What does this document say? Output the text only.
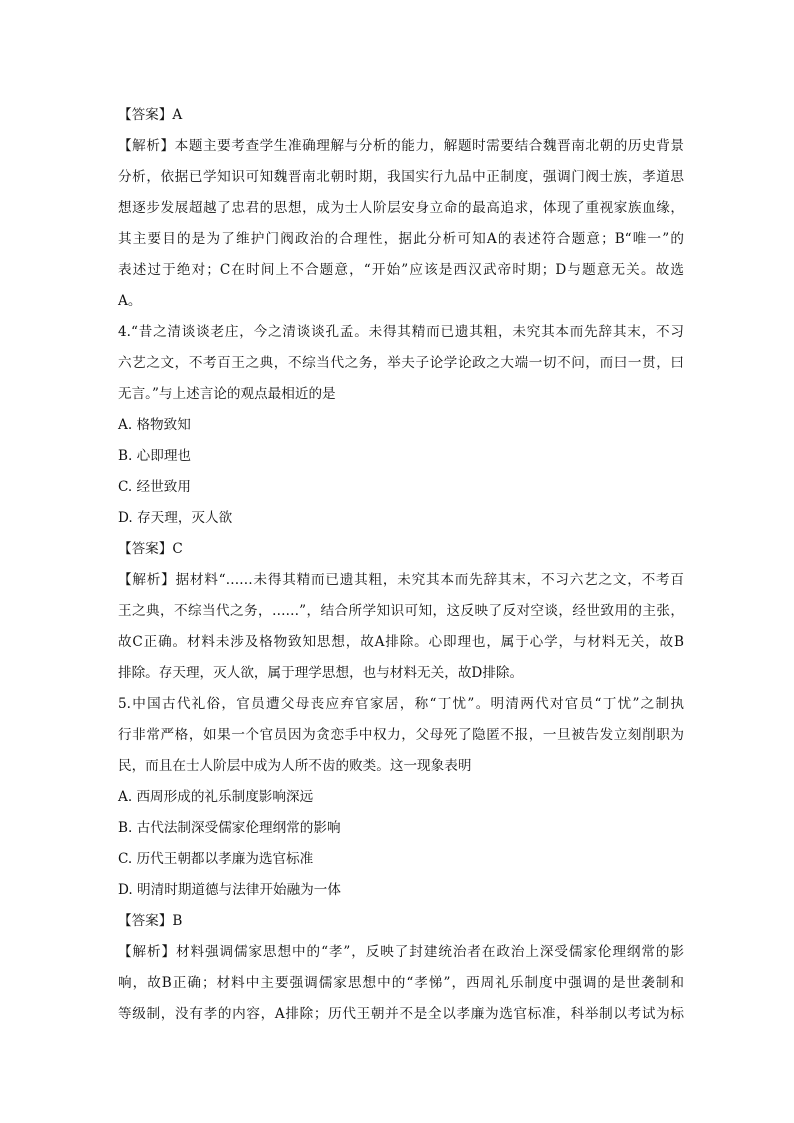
【答案】A
【解析】本题主要考查学生准确理解与分析的能力，解题时需要结合魏晋南北朝的历史背景
分析，依据已学知识可知魏晋南北朝时期，我国实行九品中正制度，强调门阀士族，孝道思
想逐步发展超越了忠君的思想，成为士人阶层安身立命的最高追求，体现了重视家族血缘，
其主要目的是为了维护门阀政治的合理性，据此分析可知A的表述符合题意；B“唯一”的
表述过于绝对；C在时间上不合题意，“开始”应该是西汉武帝时期；D与题意无关。故选
A。
4.“昔之清谈谈老庄，今之清谈谈孔孟。未得其精而已遗其粗，未究其本而先辞其末，不习
六艺之文，不考百王之典，不综当代之务，举夫子论学论政之大端一切不问，而曰一贯，曰
无言。”与上述言论的观点最相近的是
A. 格物致知
B. 心即理也
C. 经世致用
D. 存天理，灭人欲
【答案】C
【解析】据材料“……未得其精而已遗其粗，未究其本而先辞其末，不习六艺之文，不考百
王之典，不综当代之务，……”，结合所学知识可知，这反映了反对空谈，经世致用的主张，
故C正确。材料未涉及格物致知思想，故A排除。心即理也，属于心学，与材料无关，故B
排除。存天理，灭人欲，属于理学思想，也与材料无关，故D排除。
5.中国古代礼俗，官员遭父母丧应弃官家居，称“丁忧”。明清两代对官员“丁忧”之制执
行非常严格，如果一个官员因为贪恋手中权力，父母死了隐匿不报，一旦被告发立刻削职为
民，而且在士人阶层中成为人所不齿的败类。这一现象表明
A. 西周形成的礼乐制度影响深远
B. 古代法制深受儒家伦理纲常的影响
C. 历代王朝都以孝廉为选官标准
D. 明清时期道德与法律开始融为一体
【答案】B
【解析】材料强调儒家思想中的“孝”，反映了封建统治者在政治上深受儒家伦理纲常的影
响，故B正确；材料中主要强调儒家思想中的“孝悌”，西周礼乐制度中强调的是世袭制和
等级制，没有孝的内容，A排除；历代王朝并不是全以孝廉为选官标准，科举制以考试为标
